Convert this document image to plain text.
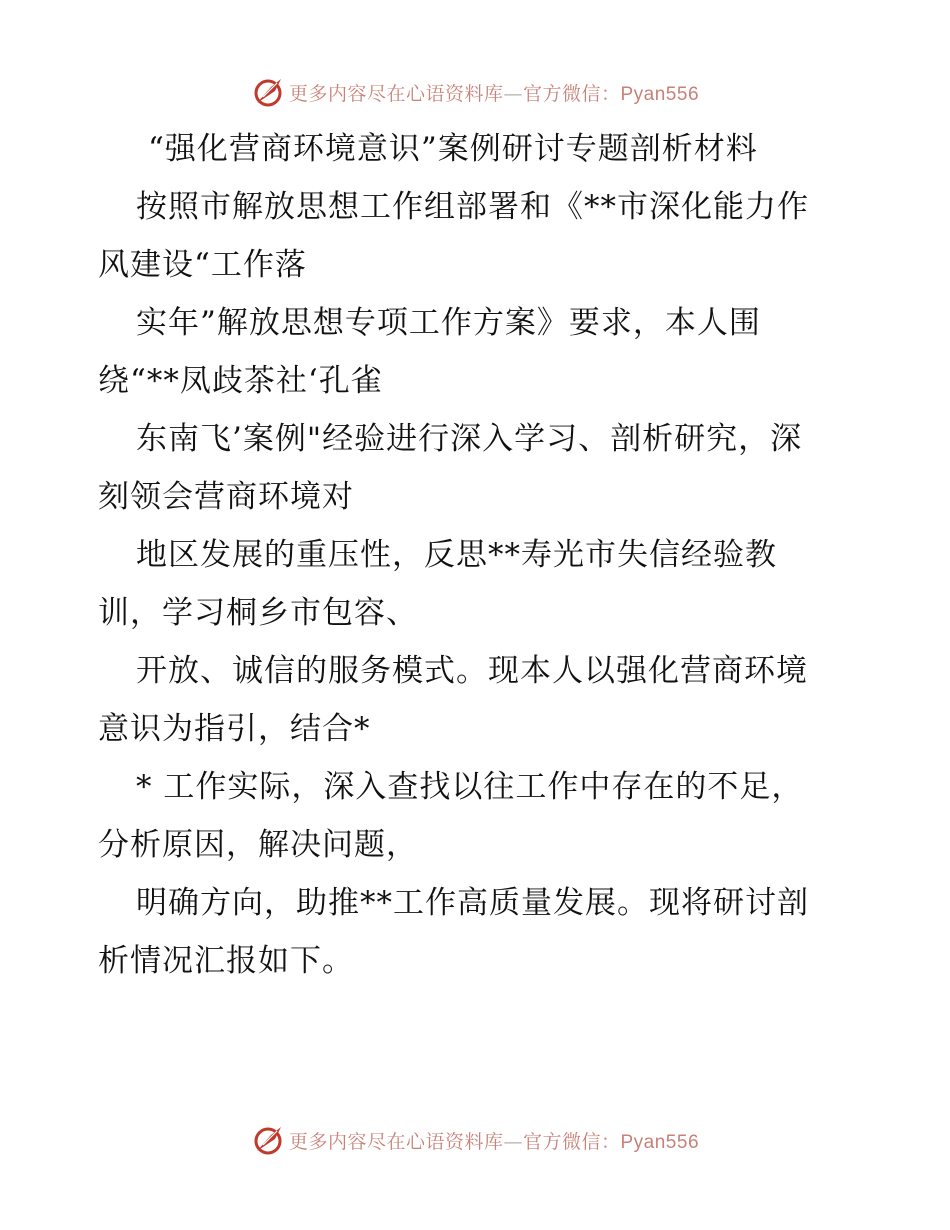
更多内容尽在心语资料库—官方微信：Pyan556
“强化营商环境意识”案例研讨专题剖析材料
按照市解放思想工作组部署和《**市深化能力作
风建设“工作落
实年”解放思想专项工作方案》要求，本人围
绕“**凤歧茶社‘孔雀
东南飞’案例"经验进行深入学习、剖析研究，深
刻领会营商环境对
地区发展的重压性，反思**寿光市失信经验教
训，学习桐乡市包容、
开放、诚信的服务模式。现本人以强化营商环境
意识为指引，结合*
* 工作实际，深入查找以往工作中存在的不足，
分析原因，解决问题，
明确方向，助推**工作高质量发展。现将研讨剖
析情况汇报如下。
更多内容尽在心语资料库—官方微信：Pyan556
